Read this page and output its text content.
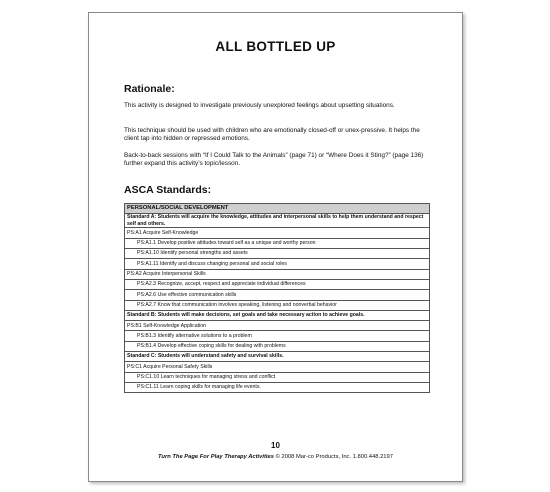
ALL BOTTLED UP
Rationale:
This activity is designed to investigate previously unexplored feelings about upsetting situations.
This technique should be used with children who are emotionally closed-off or unex-pressive. It helps the client tap into hidden or repressed emotions.
Back-to-back sessions with “If I Could Talk to the Animals” (page 71) or “Where Does it Sting?” (page 136) further expand this activity’s topic/lesson.
ASCA Standards:
PERSONAL/SOCIAL DEVELOPMENT
Standard A: Students will acquire the knowledge, attitudes and interpersonal skills to help them understand and respect self and others.
PS:A1 Acquire Self-Knowledge
PS:A1.1 Develop positive attitudes toward self as a unique and worthy person
PS:A1.10 Identify personal strengths and assets
PS:A1.11 Identify and discuss changing personal and social roles
PS:A2 Acquire Interpersonal Skills
PS:A2.3 Recognize, accept, respect and appreciate individual differences
PS:A2.6 Use effective communication skills
PS:A2.7 Know that communication involves speaking, listening and nonverbal behavior
Standard B: Students will make decisions, set goals and take necessary action to achieve goals.
PS:B1 Self-Knowledge Application
PS:B1.3 Identify alternative solutions to a problem
PS:B1.4 Develop effective coping skills for dealing with problems
Standard C: Students will understand safety and survival skills.
PS:C1 Acquire Personal Safety Skills
PS:C1.10 Learn techniques for managing stress and conflict
PS:C1.11 Learn coping skills for managing life events.
10
Turn The Page For Play Therapy Activities © 2008 Mar-co Products, Inc. 1.800.448.2197
